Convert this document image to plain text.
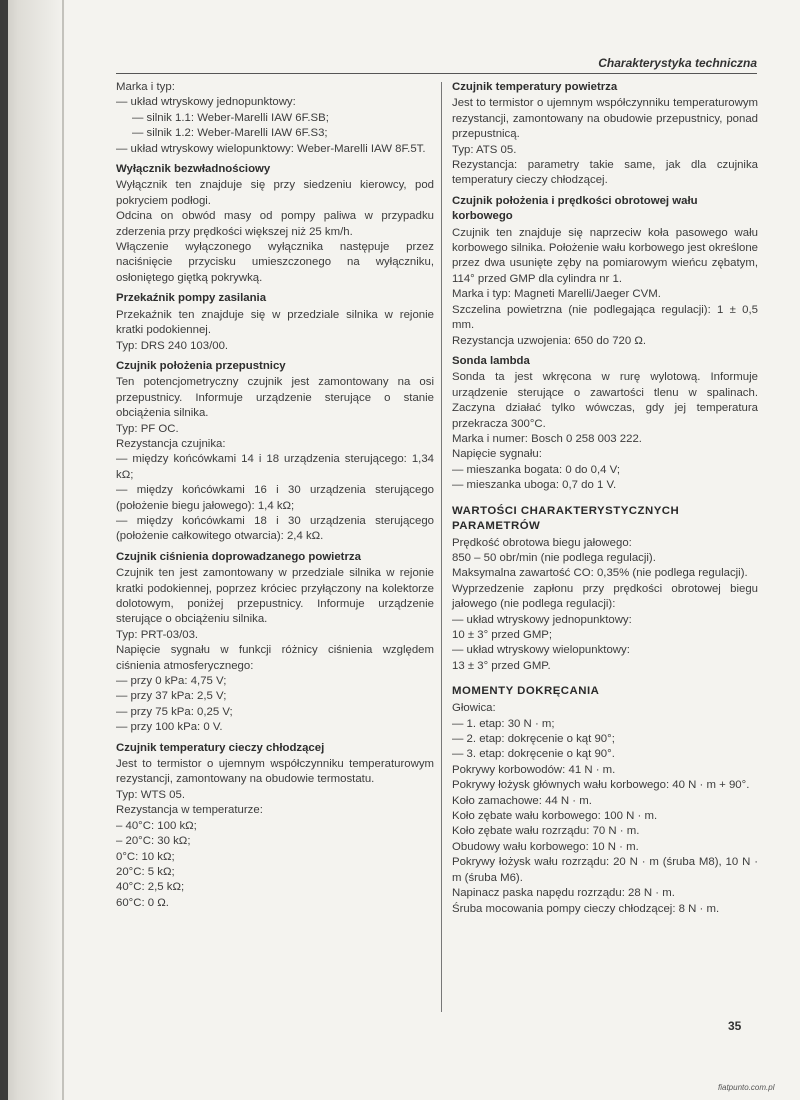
Charakterystyka techniczna

Marka i typ:

— układ wtryskowy jednopunktowy:

— silnik 1.1: Weber-Marelli IAW 6F.SB;

— silnik 1.2: Weber-Marelli IAW 6F.S3;

— układ wtryskowy wielopunktowy: Weber-Marelli IAW 8F.5T.

Wyłącznik bezwładnościowy

Wyłącznik ten znajduje się przy siedzeniu kierowcy, pod pokryciem podłogi.

Odcina on obwód masy od pompy paliwa w przypadku zderzenia przy prędkości większej niż 25 km/h.

Włączenie wyłączonego wyłącznika następuje przez naciśnięcie przycisku umieszczonego na wyłączniku, osłoniętego giętką pokrywką.

Przekaźnik pompy zasilania

Przekaźnik ten znajduje się w przedziale silnika w rejonie kratki podokiennej.

Typ: DRS 240 103/00.

Czujnik położenia przepustnicy

Ten potencjometryczny czujnik jest zamontowany na osi przepustnicy. Informuje urządzenie sterujące o stanie obciążenia silnika.

Typ: PF OC.

Rezystancja czujnika:

— między końcówkami 14 i 18 urządzenia sterującego: 1,34 kΩ;

— między końcówkami 16 i 30 urządzenia sterującego (położenie biegu jałowego): 1,4 kΩ;

— między końcówkami 18 i 30 urządzenia sterującego (położenie całkowitego otwarcia): 2,4 kΩ.

Czujnik ciśnienia doprowadzanego powietrza

Czujnik ten jest zamontowany w przedziale silnika w rejonie kratki podokiennej, poprzez króciec przyłączony na kolektorze dolotowym, poniżej przepustnicy. Informuje urządzenie sterujące o obciążeniu silnika.

Typ: PRT-03/03.

Napięcie sygnału w funkcji różnicy ciśnienia względem ciśnienia atmosferycznego:

— przy 0 kPa: 4,75 V;

— przy 37 kPa: 2,5 V;

— przy 75 kPa: 0,25 V;

— przy 100 kPa: 0 V.

Czujnik temperatury cieczy chłodzącej

Jest to termistor o ujemnym współczynniku temperaturowym rezystancji, zamontowany na obudowie termostatu.

Typ: WTS 05.

Rezystancja w temperaturze:

– 40°C: 100 kΩ;

– 20°C: 30 kΩ;

0°C: 10 kΩ;

20°C: 5 kΩ;

40°C: 2,5 kΩ;

60°C: 0 Ω.

Czujnik temperatury powietrza

Jest to termistor o ujemnym współczynniku temperaturowym rezystancji, zamontowany na obudowie przepustnicy, ponad przepustnicą.

Typ: ATS 05.

Rezystancja: parametry takie same, jak dla czujnika temperatury cieczy chłodzącej.

Czujnik położenia i prędkości obrotowej wału korbowego

Czujnik ten znajduje się naprzeciw koła pasowego wału korbowego silnika. Położenie wału korbowego jest określone przez dwa usunięte zęby na pomiarowym wieńcu zębatym, 114° przed GMP dla cylindra nr 1.

Marka i typ: Magneti Marelli/Jaeger CVM.

Szczelina powietrzna (nie podlegająca regulacji): 1 ± 0,5 mm.

Rezystancja uzwojenia: 650 do 720 Ω.

Sonda lambda

Sonda ta jest wkręcona w rurę wylotową. Informuje urządzenie sterujące o zawartości tlenu w spalinach. Zaczyna działać tylko wówczas, gdy jej temperatura przekracza 300°C.

Marka i numer: Bosch 0 258 003 222.

Napięcie sygnału:

— mieszanka bogata: 0 do 0,4 V;

— mieszanka uboga: 0,7 do 1 V.

WARTOŚCI CHARAKTERYSTYCZNYCH PARAMETRÓW

Prędkość obrotowa biegu jałowego:

850 – 50 obr/min (nie podlega regulacji).

Maksymalna zawartość CO: 0,35% (nie podlega regulacji).

Wyprzedzenie zapłonu przy prędkości obrotowej biegu jałowego (nie podlega regulacji):

— układ wtryskowy jednopunktowy:

10 ± 3° przed GMP;

— układ wtryskowy wielopunktowy:

13 ± 3° przed GMP.

MOMENTY DOKRĘCANIA

Głowica:

— 1. etap: 30 N · m;

— 2. etap: dokręcenie o kąt 90°;

— 3. etap: dokręcenie o kąt 90°.

Pokrywy korbowodów: 41 N · m.

Pokrywy łożysk głównych wału korbowego: 40 N · m + 90°.

Koło zamachowe: 44 N · m.

Koło zębate wału korbowego: 100 N · m.

Koło zębate wału rozrządu: 70 N · m.

Obudowy wału korbowego: 10 N · m.

Pokrywy łożysk wału rozrządu: 20 N · m (śruba M8), 10 N · m (śruba M6).

Napinacz paska napędu rozrządu: 28 N · m.

Śruba mocowania pompy cieczy chłodzącej: 8 N · m.

35
fiatpunto.com.pl
